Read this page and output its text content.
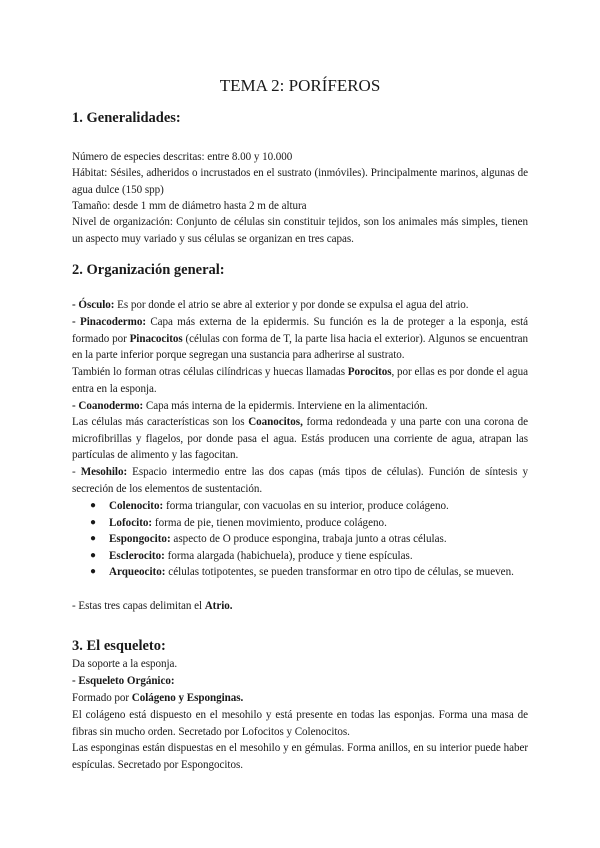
TEMA 2: PORÍFEROS
1. Generalidades:
Número de especies descritas: entre 8.00 y 10.000
Hábitat: Sésiles, adheridos o incrustados en el sustrato (inmóviles). Principalmente marinos, algunas de agua dulce (150 spp)
Tamaño: desde 1 mm de diámetro hasta 2 m de altura
Nivel de organización: Conjunto de células sin constituir tejidos, son los animales más simples, tienen un aspecto muy variado y sus células se organizan en tres capas.
2. Organización general:
- Ósculo: Es por donde el atrio se abre al exterior y por donde se expulsa el agua del atrio.
- Pinacodermo: Capa más externa de la epidermis. Su función es la de proteger a la esponja, está formado por Pinacocitos (células con forma de T, la parte lisa hacia el exterior). Algunos se encuentran en la parte inferior porque segregan una sustancia para adherirse al sustrato.
También lo forman otras células cilíndricas y huecas llamadas Porocitos, por ellas es por donde el agua entra en la esponja.
- Coanodermo: Capa más interna de la epidermis. Interviene en la alimentación.
Las células más características son los Coanocitos, forma redondeada y una parte con una corona de microfibrillas y flagelos, por donde pasa el agua. Estás producen una corriente de agua, atrapan las partículas de alimento y las fagocitan.
- Mesohilo: Espacio intermedio entre las dos capas (más tipos de células). Función de síntesis y secreción de los elementos de sustentación.
● Colenocito: forma triangular, con vacuolas en su interior, produce colágeno.
● Lofocito: forma de pie, tienen movimiento, produce colágeno.
● Espongocito: aspecto de O produce espongina, trabaja junto a otras células.
● Esclerocito: forma alargada (habichuela), produce y tiene espículas.
● Arqueocito: células totipotentes, se pueden transformar en otro tipo de células, se mueven.
- Estas tres capas delimitan el Atrio.
3. El esqueleto:
Da soporte a la esponja.
- Esqueleto Orgánico:
Formado por Colágeno y Esponginas.
El colágeno está dispuesto en el mesohilo y está presente en todas las esponjas. Forma una masa de fibras sin mucho orden. Secretado por Lofocitos y Colenocitos.
Las esponginas están dispuestas en el mesohilo y en gémulas. Forma anillos, en su interior puede haber espículas. Secretado por Espongocitos.
